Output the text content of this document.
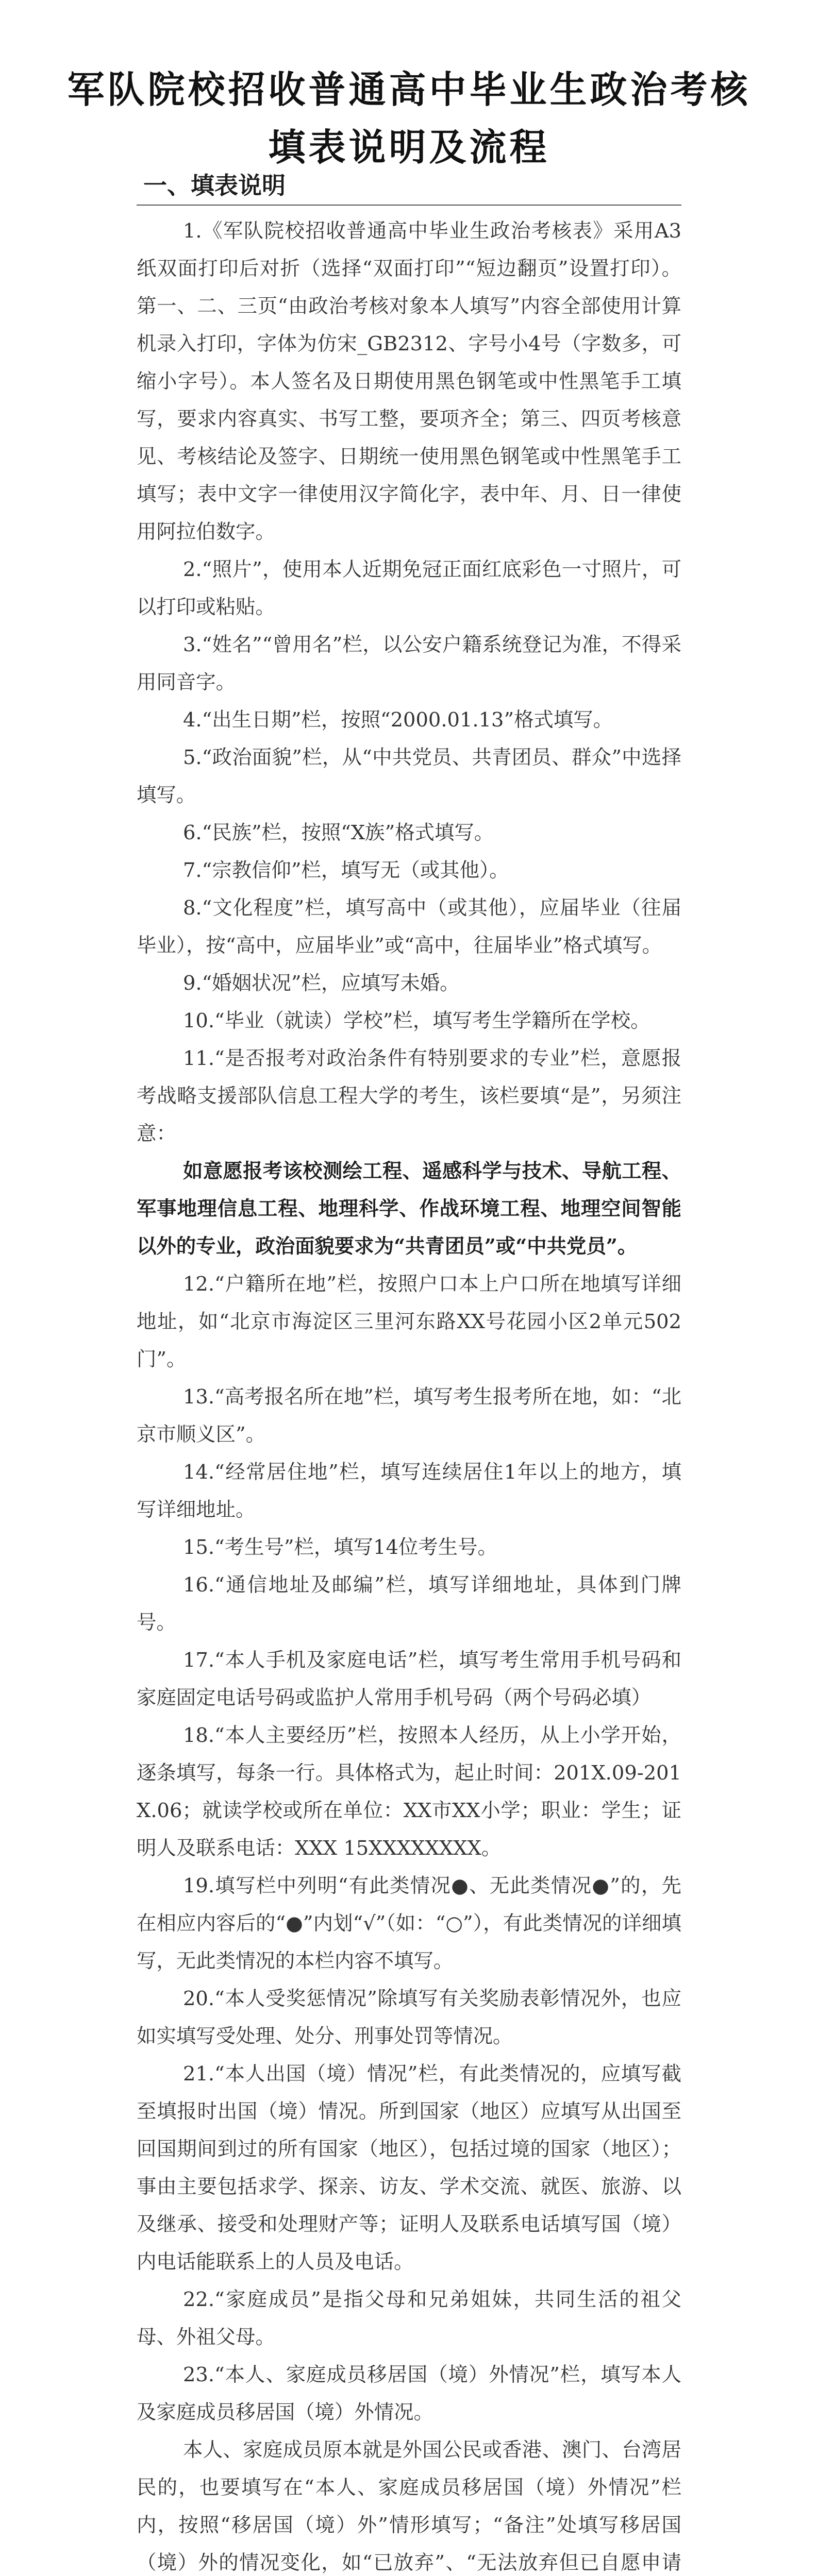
军队院校招收普通高中毕业生政治考核
填表说明及流程
一、填表说明

1.《军队院校招收普通高中毕业生政治考核表》采用A3纸双面打印后对折（选择“双面打印”“短边翻页”设置打印）。第一、二、三页“由政治考核对象本人填写”内容全部使用计算机录入打印，字体为仿宋_GB2312、字号小4号（字数多，可缩小字号）。本人签名及日期使用黑色钢笔或中性黑笔手工填写，要求内容真实、书写工整，要项齐全；第三、四页考核意见、考核结论及签字、日期统一使用黑色钢笔或中性黑笔手工填写；表中文字一律使用汉字简化字，表中年、月、日一律使用阿拉伯数字。

2.“照片”，使用本人近期免冠正面红底彩色一寸照片，可以打印或粘贴。

3.“姓名”“曾用名”栏，以公安户籍系统登记为准，不得采用同音字。

4.“出生日期”栏，按照“2000.01.13”格式填写。

5.“政治面貌”栏，从“中共党员、共青团员、群众”中选择填写。

6.“民族”栏，按照“X族”格式填写。

7.“宗教信仰”栏，填写无（或其他）。

8.“文化程度”栏，填写高中（或其他），应届毕业（往届毕业），按“高中，应届毕业”或“高中，往届毕业”格式填写。

9.“婚姻状况”栏，应填写未婚。

10.“毕业（就读）学校”栏，填写考生学籍所在学校。

11.“是否报考对政治条件有特别要求的专业”栏，意愿报考战略支援部队信息工程大学的考生，该栏要填“是”，另须注意：

如意愿报考该校测绘工程、遥感科学与技术、导航工程、军事地理信息工程、地理科学、作战环境工程、地理空间智能以外的专业，政治面貌要求为“共青团员”或“中共党员”。

12.“户籍所在地”栏，按照户口本上户口所在地填写详细地址，如“北京市海淀区三里河东路XX号花园小区2单元502门”。

13.“高考报名所在地”栏，填写考生报考所在地，如：“北京市顺义区”。

14.“经常居住地”栏，填写连续居住1年以上的地方，填写详细地址。

15.“考生号”栏，填写14位考生号。

16.“通信地址及邮编”栏，填写详细地址，具体到门牌号。

17.“本人手机及家庭电话”栏，填写考生常用手机号码和家庭固定电话号码或监护人常用手机号码（两个号码必填）

18.“本人主要经历”栏，按照本人经历，从上小学开始，逐条填写，每条一行。具体格式为，起止时间：201X.09-201X.06；就读学校或所在单位：XX市XX小学；职业：学生；证明人及联系电话：XXX 15XXXXXXXX。

19.填写栏中列明“有此类情况●、无此类情况●”的，先在相应内容后的“●”内划“√”（如：“○”），有此类情况的详细填写，无此类情况的本栏内容不填写。

20.“本人受奖惩情况”除填写有关奖励表彰情况外，也应如实填写受处理、处分、刑事处罚等情况。

21.“本人出国（境）情况”栏，有此类情况的，应填写截至填报时出国（境）情况。所到国家（地区）应填写从出国至回国期间到过的所有国家（地区），包括过境的国家（地区）；事由主要包括求学、探亲、访友、学术交流、就医、旅游、以及继承、接受和处理财产等；证明人及联系电话填写国（境）内电话能联系上的人员及电话。

22.“家庭成员”是指父母和兄弟姐妹，共同生活的祖父母、外祖父母。

23.“本人、家庭成员移居国（境）外情况”栏，填写本人及家庭成员移居国（境）外情况。

本人、家庭成员原本就是外国公民或香港、澳门、台湾居民的，也要填写在“本人、家庭成员移居国（境）外情况”栏内，按照“移居国（境）外”情形填写；“备注”处填写移居国（境）外的情况变化，如“已放弃”、“无法放弃但已自愿申请
